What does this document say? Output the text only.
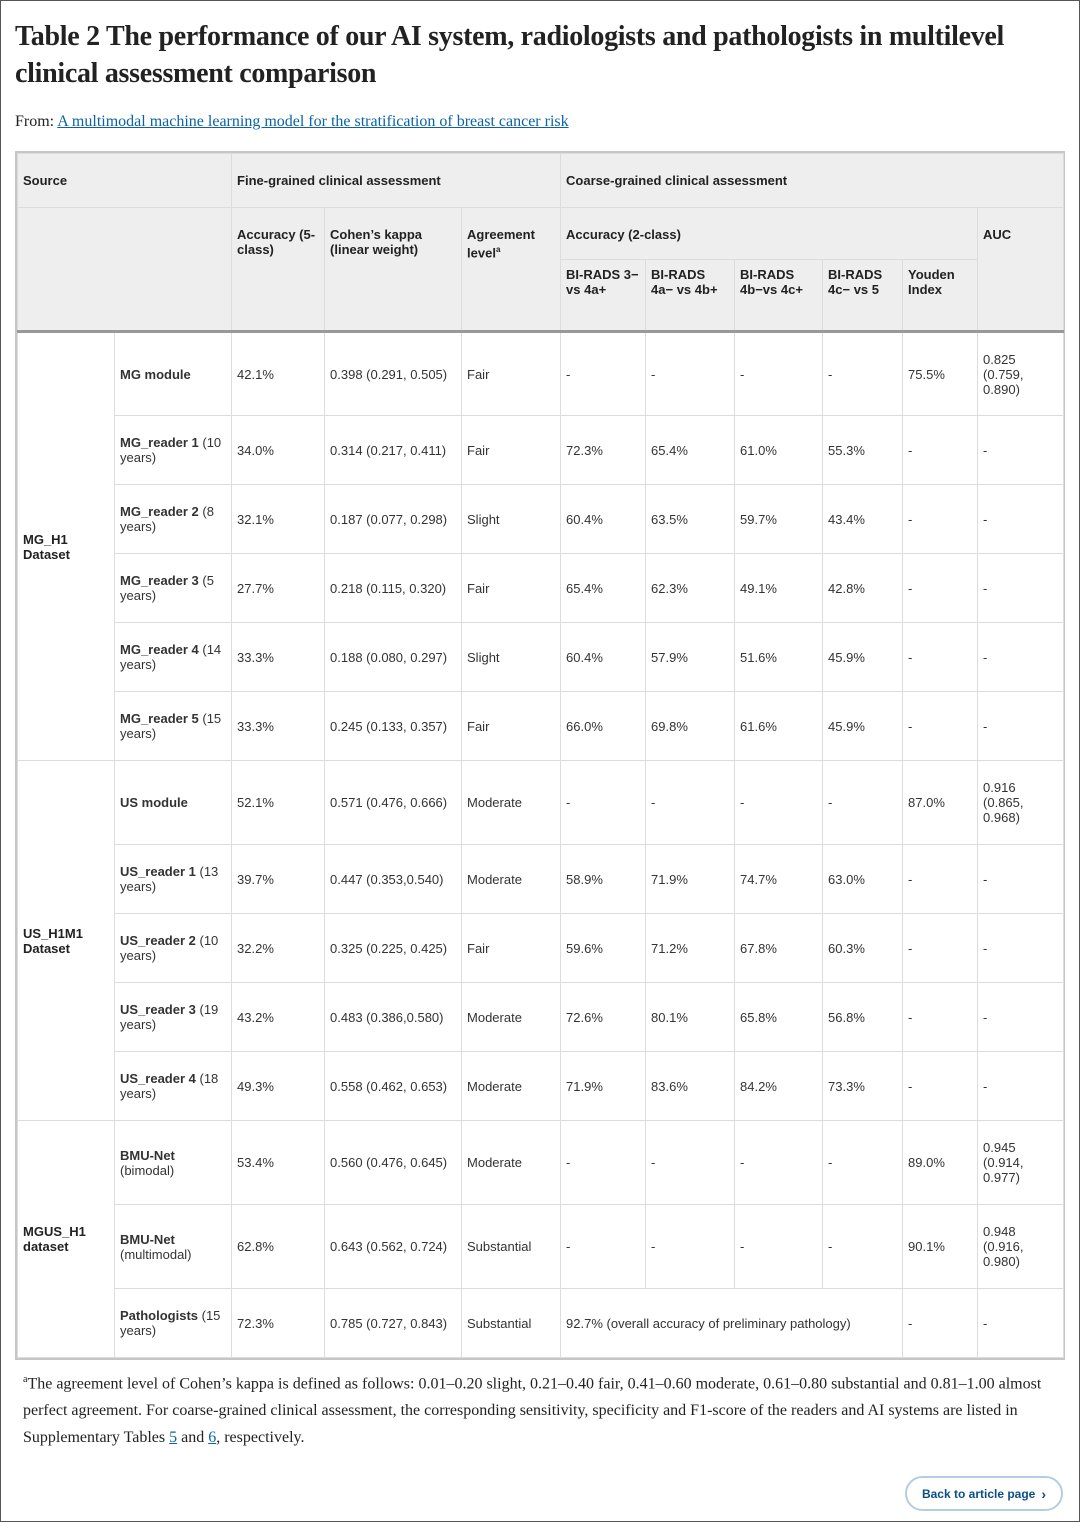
Table 2 The performance of our AI system, radiologists and pathologists in multilevel clinical assessment comparison
From: A multimodal machine learning model for the stratification of breast cancer risk
Source		Fine-grained clinical assessment			Coarse-grained clinical assessment					
		Accuracy (5-class)	Cohen’s kappa (linear weight)	Agreement level$^a$	Accuracy (2-class)					AUC
					BI-RADS 3− vs 4a+	BI-RADS 4a− vs 4b+	BI-RADS 4b−vs 4c+	BI-RADS 4c− vs 5	Youden Index	
MG_H1 Dataset	MG module	42.1%	0.398 (0.291, 0.505)	Fair	-	-	-	-	75.5%	0.825 (0.759, 0.890)
	MG_reader 1 (10 years)	34.0%	0.314 (0.217, 0.411)	Fair	72.3%	65.4%	61.0%	55.3%	-	-
	MG_reader 2 (8 years)	32.1%	0.187 (0.077, 0.298)	Slight	60.4%	63.5%	59.7%	43.4%	-	-
	MG_reader 3 (5 years)	27.7%	0.218 (0.115, 0.320)	Fair	65.4%	62.3%	49.1%	42.8%	-	-
	MG_reader 4 (14 years)	33.3%	0.188 (0.080, 0.297)	Slight	60.4%	57.9%	51.6%	45.9%	-	-
	MG_reader 5 (15 years)	33.3%	0.245 (0.133, 0.357)	Fair	66.0%	69.8%	61.6%	45.9%	-	-
US_H1M1 Dataset	US module	52.1%	0.571 (0.476, 0.666)	Moderate	-	-	-	-	87.0%	0.916 (0.865, 0.968)
	US_reader 1 (13 years)	39.7%	0.447 (0.353,0.540)	Moderate	58.9%	71.9%	74.7%	63.0%	-	-
	US_reader 2 (10 years)	32.2%	0.325 (0.225, 0.425)	Fair	59.6%	71.2%	67.8%	60.3%	-	-
	US_reader 3 (19 years)	43.2%	0.483 (0.386,0.580)	Moderate	72.6%	80.1%	65.8%	56.8%	-	-
	US_reader 4 (18 years)	49.3%	0.558 (0.462, 0.653)	Moderate	71.9%	83.6%	84.2%	73.3%	-	-
MGUS_H1 dataset	BMU-Net (bimodal)	53.4%	0.560 (0.476, 0.645)	Moderate	-	-	-	-	89.0%	0.945 (0.914, 0.977)
	BMU-Net (multimodal)	62.8%	0.643 (0.562, 0.724)	Substantial	-	-	-	-	90.1%	0.948 (0.916, 0.980)
	Pathologists (15 years)	72.3%	0.785 (0.727, 0.843)	Substantial	92.7% (overall accuracy of preliminary pathology)				-	-

$^a$The agreement level of Cohen’s kappa is defined as follows: 0.01–0.20 slight, 0.21–0.40 fair, 0.41–0.60 moderate, 0.61–0.80 substantial and 0.81–1.00 almost perfect agreement. For coarse-grained clinical assessment, the corresponding sensitivity, specificity and F1-score of the readers and AI systems are listed in Supplementary Tables 5 and 6, respectively.

Back to article page ›
